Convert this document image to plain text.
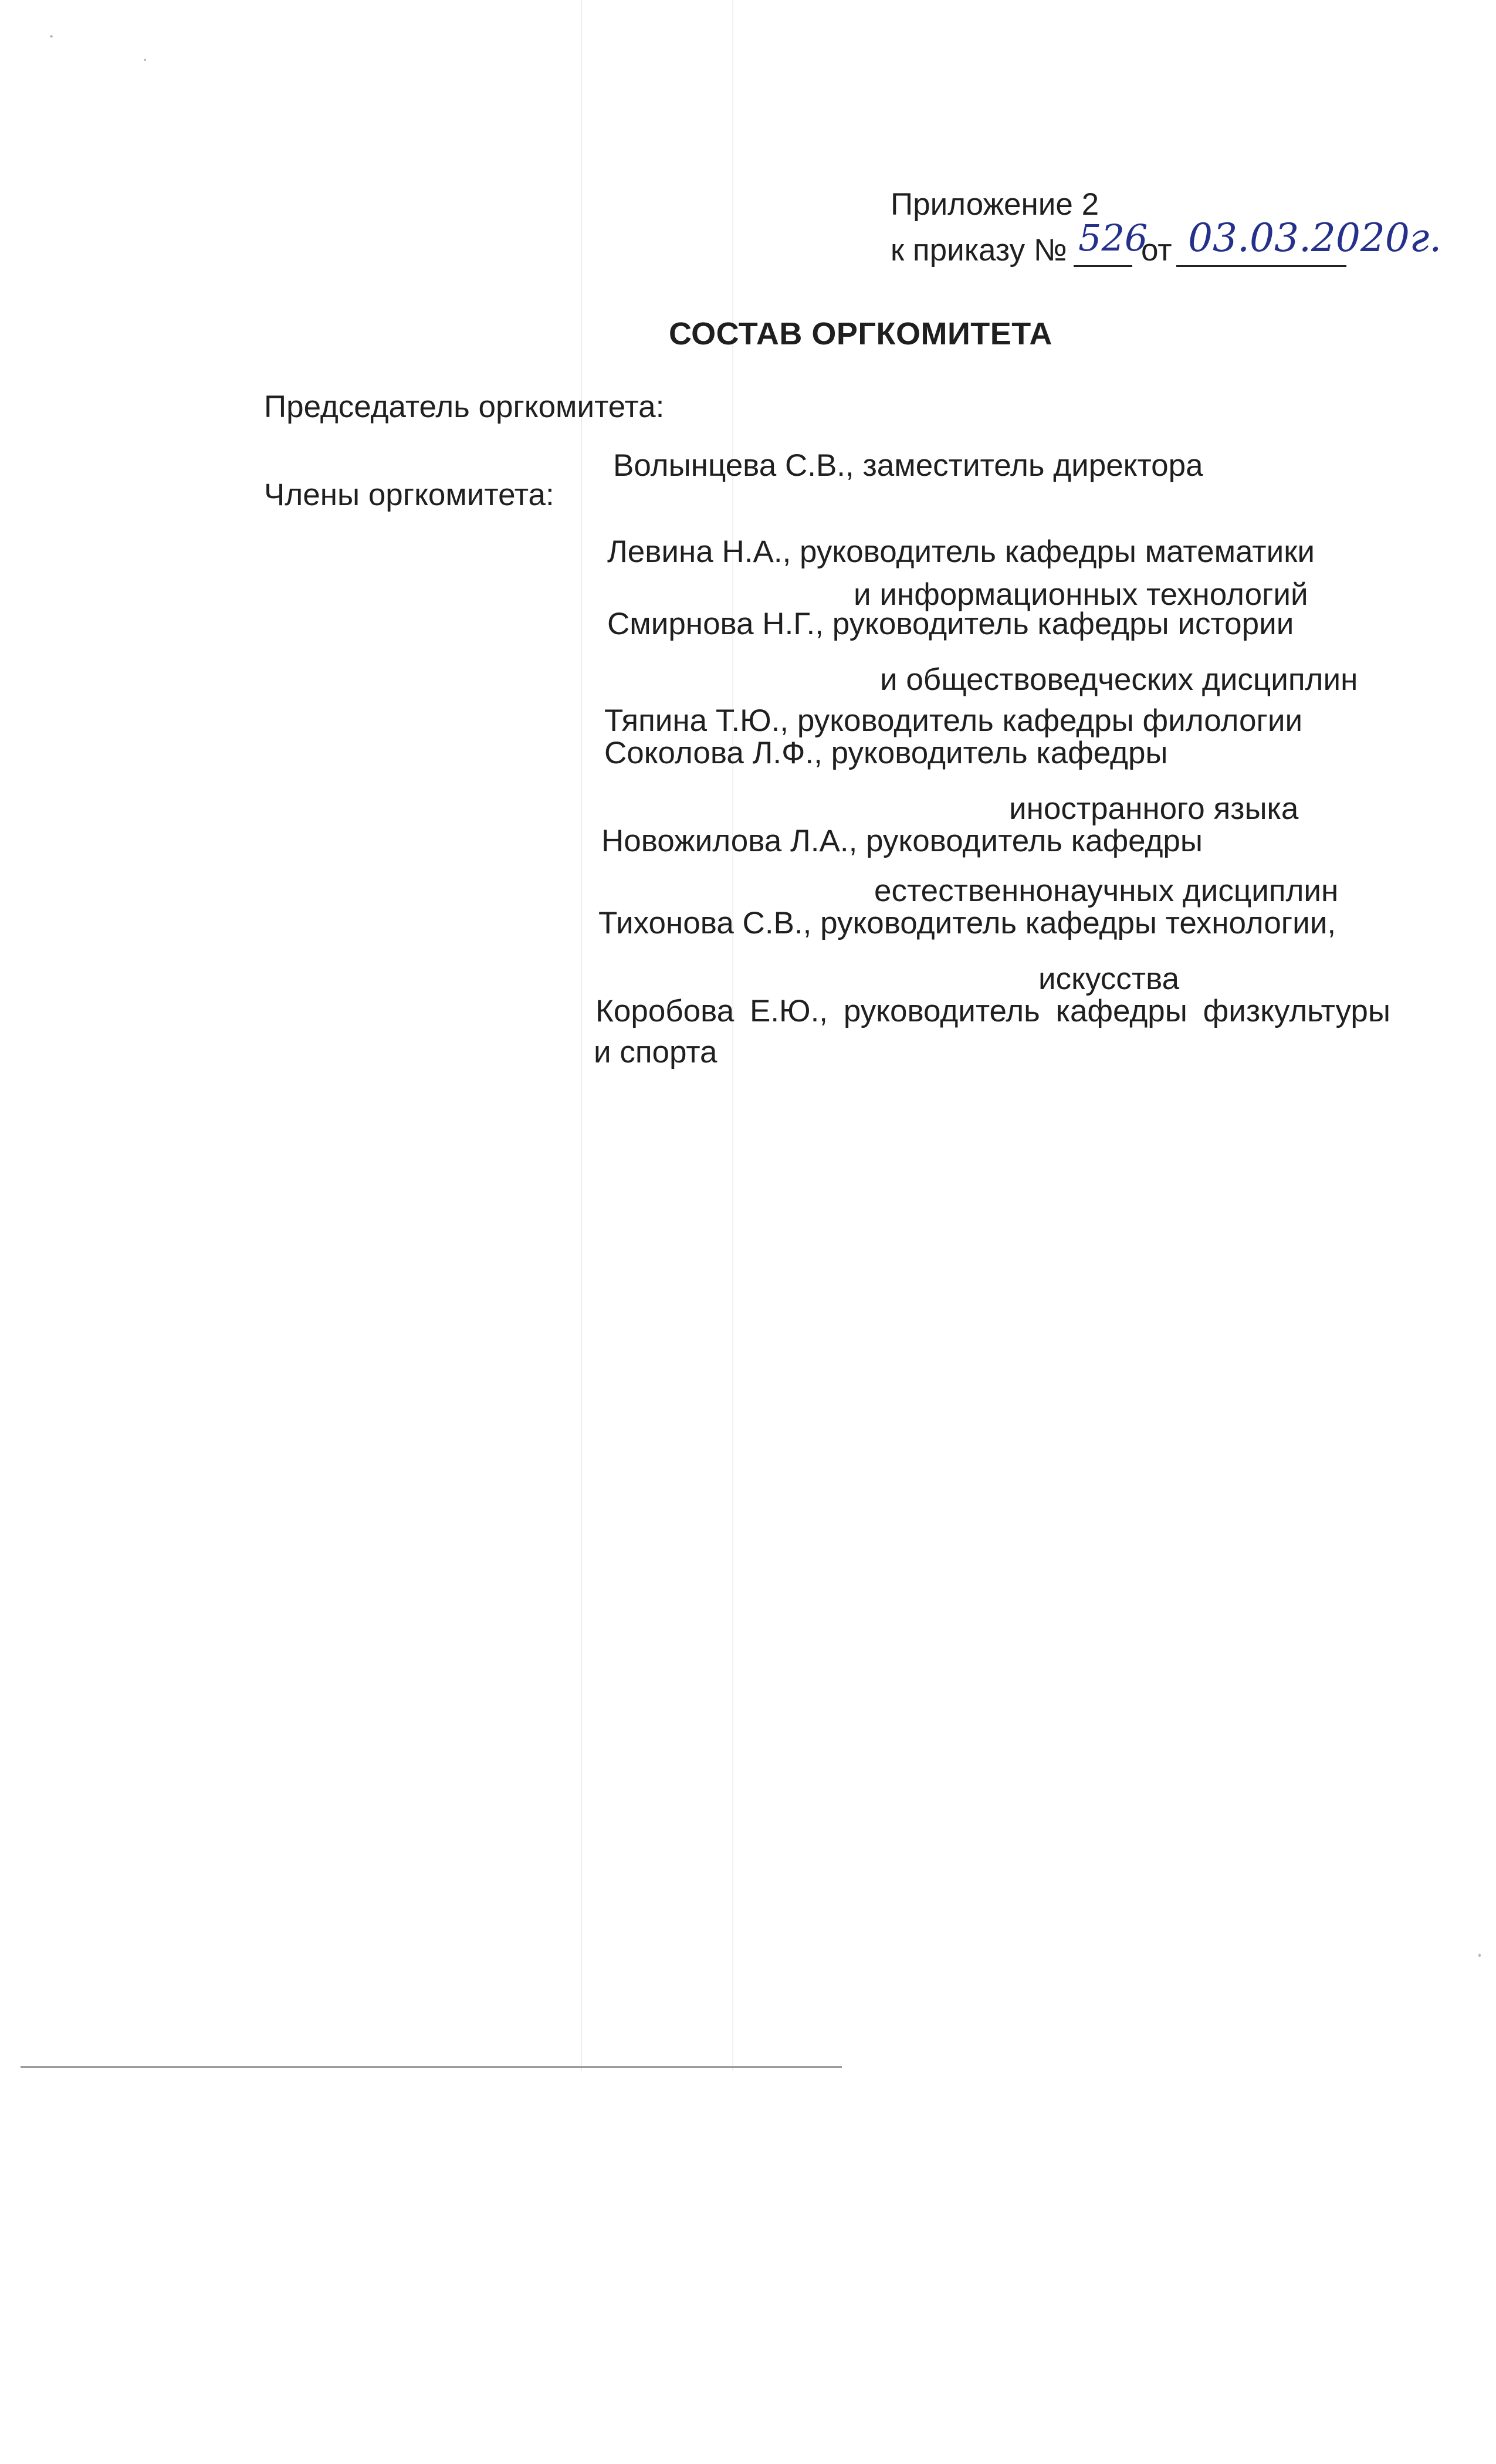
Приложение 2
к приказу № 526
от 03.03.2020г.
СОСТАВ ОРГКОМИТЕТА
Председатель оргкомитета:
Волынцева С.В., заместитель директора
Члены оргкомитета:
Левина Н.А., руководитель кафедры математики
и информационных технологий
Смирнова Н.Г., руководитель кафедры истории
и обществоведческих дисциплин
Тяпина Т.Ю., руководитель кафедры филологии
Соколова Л.Ф., руководитель кафедры
иностранного языка
Новожилова Л.А., руководитель кафедры
естественнонаучных дисциплин
Тихонова С.В., руководитель кафедры технологии,
искусства
Коробова Е.Ю., руководитель кафедры физкультуры
и спорта
